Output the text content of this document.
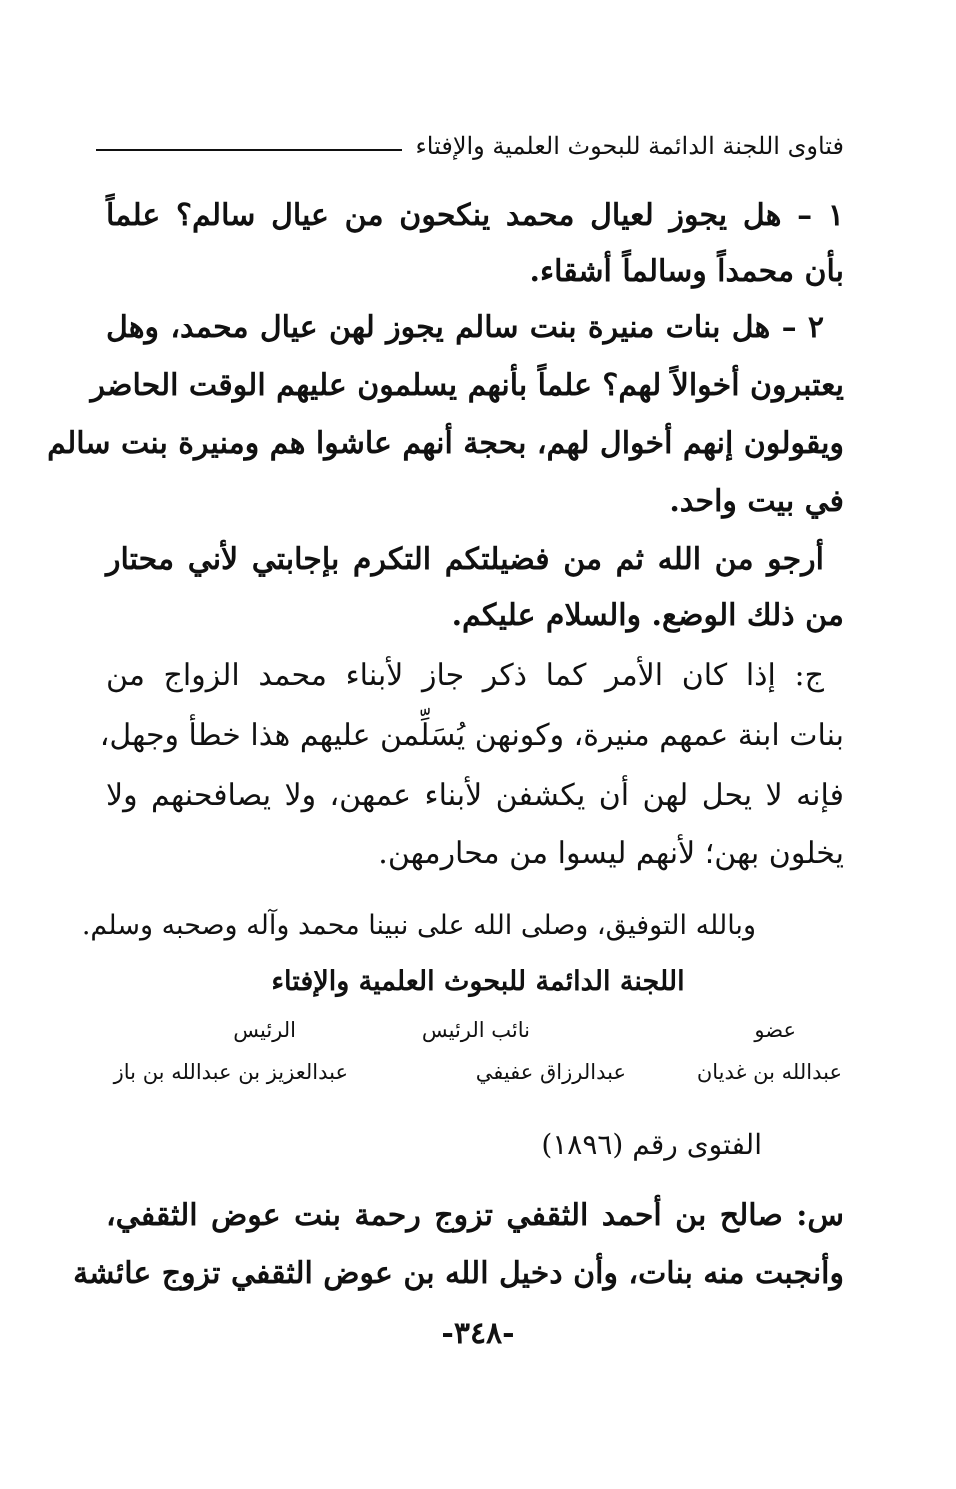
فتاوى اللجنة الدائمة للبحوث العلمية والإفتاء
١ – هل يجوز لعيال محمد ينكحون من عيال سالم؟ علماً
بأن محمداً وسالماً أشقاء.
٢ – هل بنات منيرة بنت سالم يجوز لهن عيال محمد، وهل
يعتبرون أخوالاً لهم؟ علماً بأنهم يسلمون عليهم الوقت الحاضر
ويقولون إنهم أخوال لهم، بحجة أنهم عاشوا هم ومنيرة بنت سالم
في بيت واحد.
أرجو من الله ثم من فضيلتكم التكرم بإجابتي لأني محتار
من ذلك الوضع. والسلام عليكم.
ج: إذا كان الأمر كما ذكر جاز لأبناء محمد الزواج من
بنات ابنة عمهم منيرة، وكونهن يُسَلِّمن عليهم هذا خطأ وجهل،
فإنه لا يحل لهن أن يكشفن لأبناء عمهن، ولا يصافحنهم ولا
يخلون بهن؛ لأنهم ليسوا من محارمهن.
وبالله التوفيق، وصلى الله على نبينا محمد وآله وصحبه وسلم.
اللجنة الدائمة للبحوث العلمية والإفتاء
عضو
نائب الرئيس
الرئيس
عبدالله بن غديان
عبدالرزاق عفيفي
عبدالعزيز بن عبدالله بن باز
الفتوى رقم (١٨٩٦)
س: صالح بن أحمد الثقفي تزوج رحمة بنت عوض الثقفي،
وأنجبت منه بنات، وأن دخيل الله بن عوض الثقفي تزوج عائشة
-٣٤٨-
